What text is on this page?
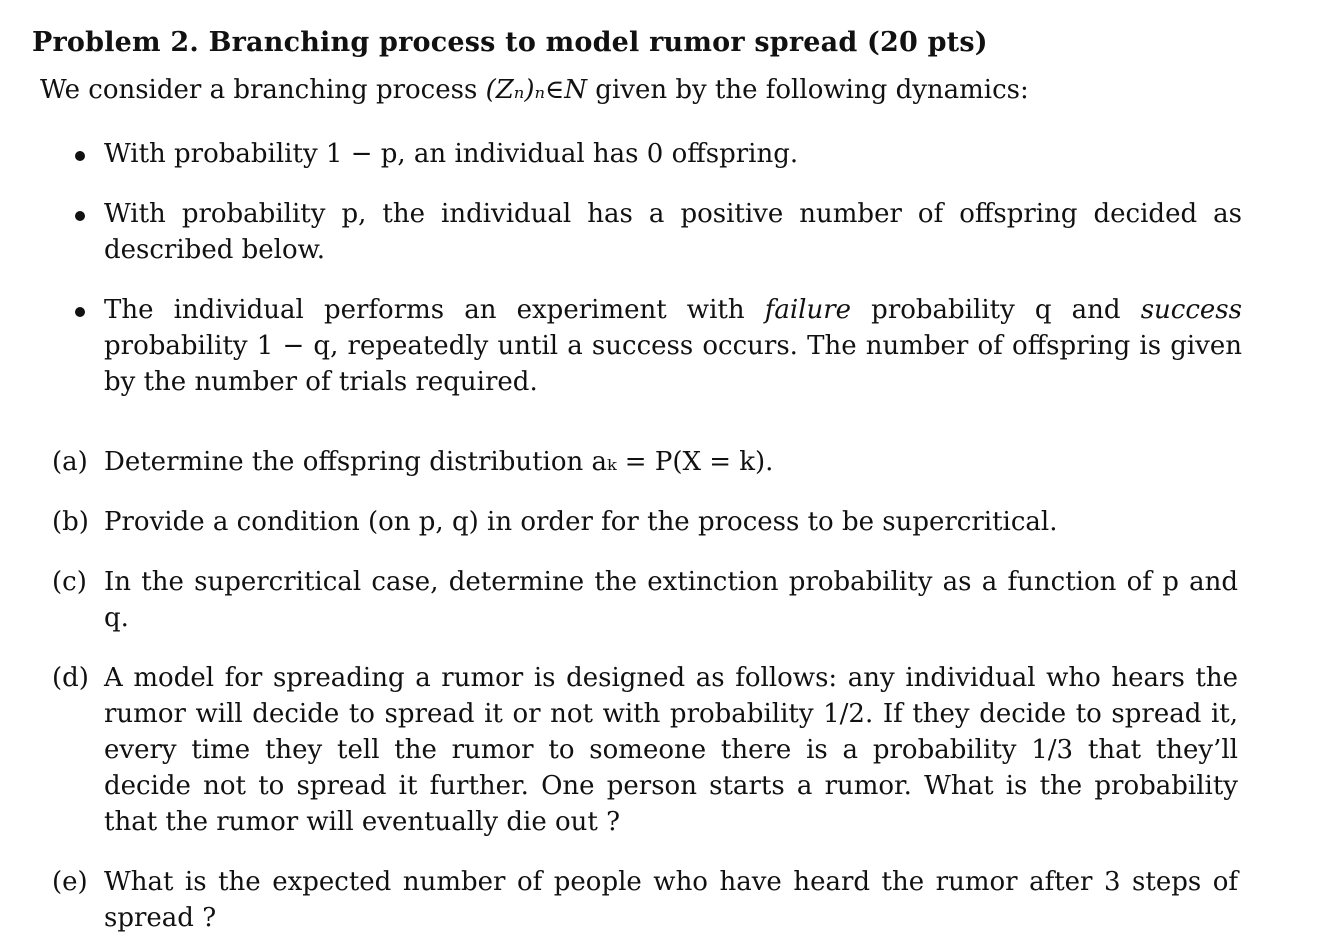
Problem 2. Branching process to model rumor spread (20 pts)

We consider a branching process (Zₙ)ₙ∈N given by the following dynamics:

With probability 1 − p, an individual has 0 offspring.
With probability p, the individual has a positive number of offspring decided as described below.
The individual performs an experiment with failure probability q and success probability 1 − q, repeatedly until a success occurs. The number of offspring is given by the number of trials required.
(a) Determine the offspring distribution aₖ = P(X = k).
(b) Provide a condition (on p, q) in order for the process to be supercritical.
(c) In the supercritical case, determine the extinction probability as a function of p and q.
(d) A model for spreading a rumor is designed as follows: any individual who hears the rumor will decide to spread it or not with probability 1/2. If they decide to spread it, every time they tell the rumor to someone there is a probability 1/3 that they’ll decide not to spread it further. One person starts a rumor. What is the probability that the rumor will eventually die out ?
(e) What is the expected number of people who have heard the rumor after 3 steps of spread ?
